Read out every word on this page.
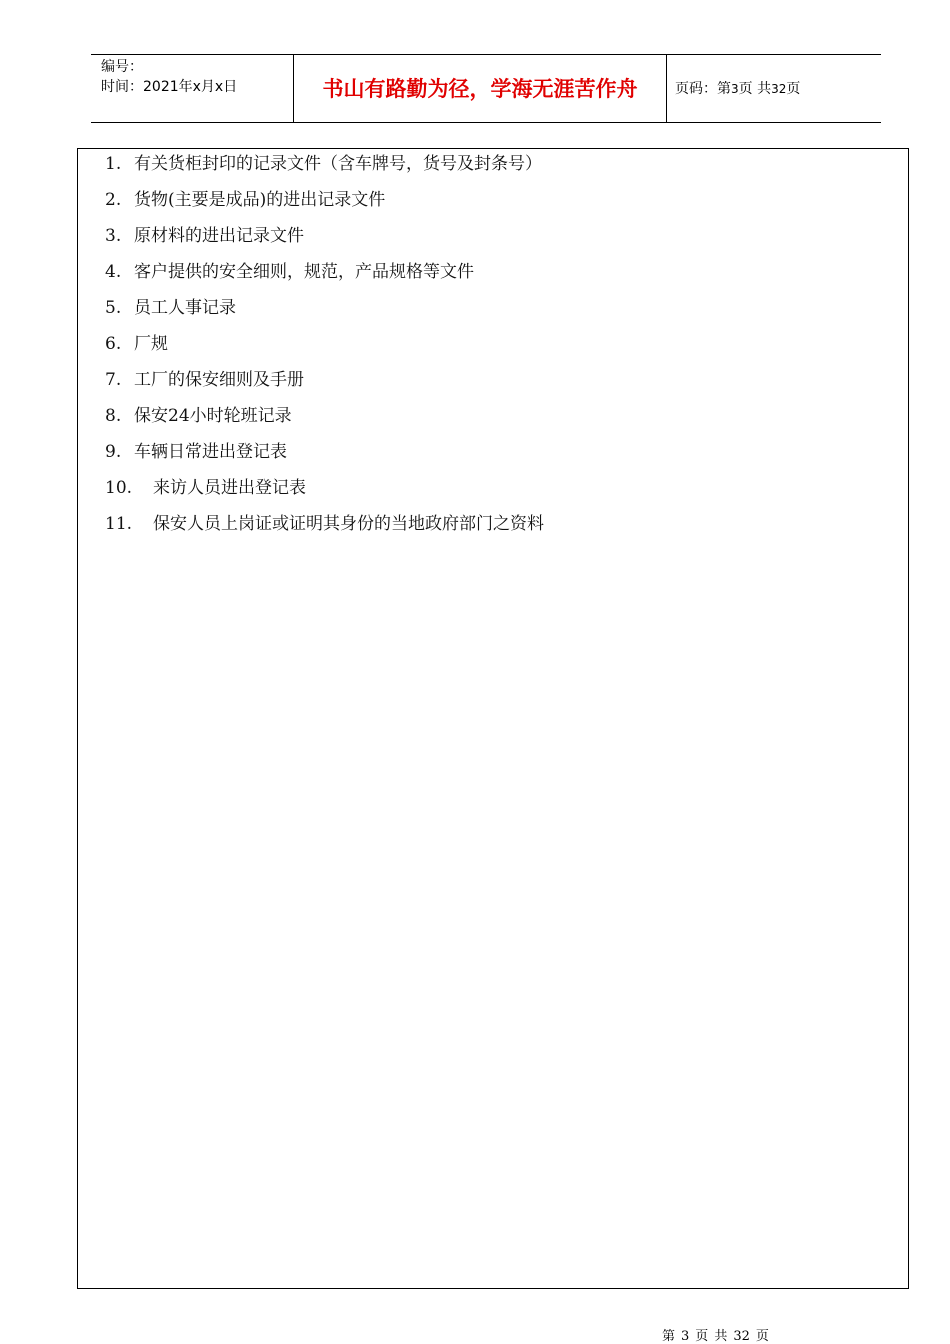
编号：
时间：2021年x月x日	书山有路勤为径，学海无涯苦作舟	页码：第3页 共32页
1. 有关货柜封印的记录文件（含车牌号，货号及封条号）
2. 货物(主要是成品)的进出记录文件
3. 原材料的进出记录文件
4. 客户提供的安全细则，规范，产品规格等文件
5. 员工人事记录
6. 厂规
7. 工厂的保安细则及手册
8. 保安24小时轮班记录
9. 车辆日常进出登记表
10. 来访人员进出登记表
11. 保安人员上岗证或证明其身份的当地政府部门之资料
第 3 页 共 32 页
